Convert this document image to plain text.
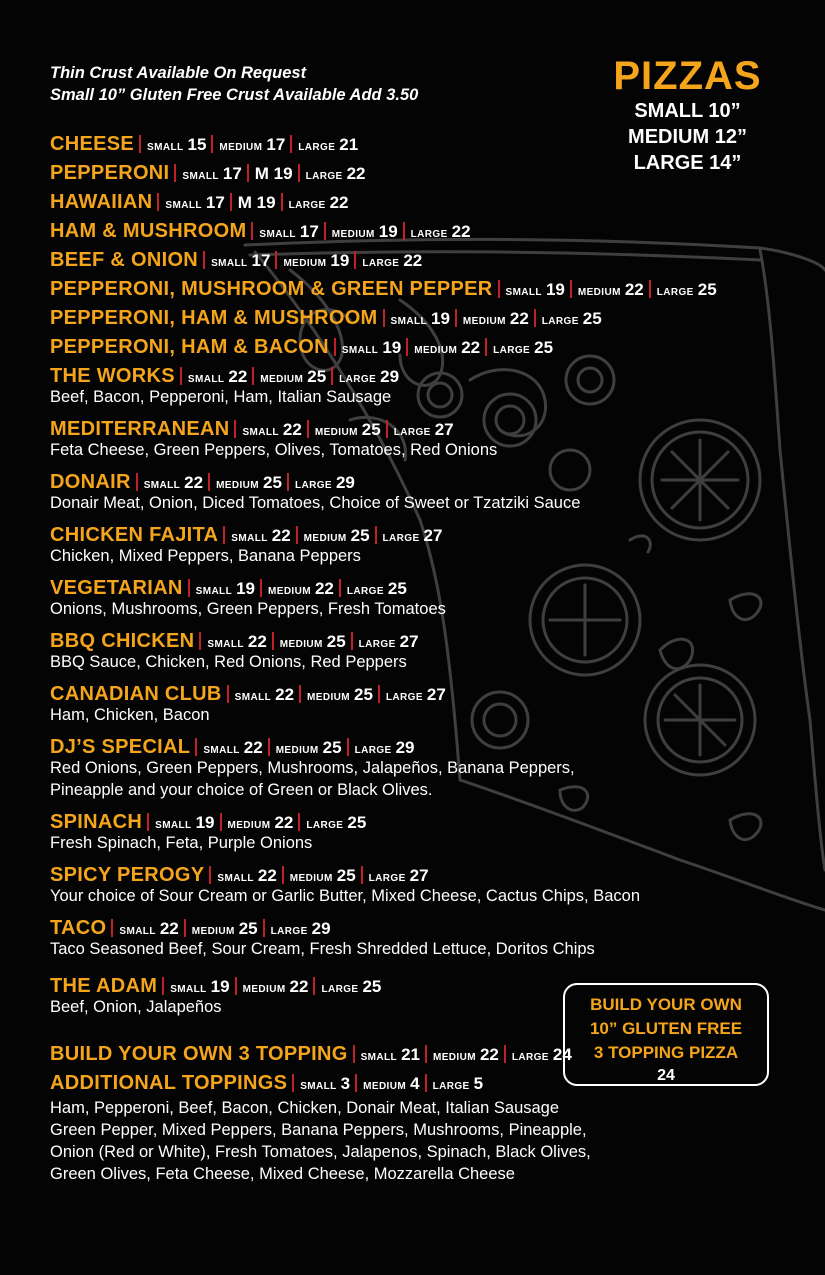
Thin Crust Available On Request
Small 10” Gluten Free Crust Available Add 3.50	PIZZAS
SMALL 10”
MEDIUM 12”
LARGE 14”
CHEESE SMALL 15 MEDIUM 17 LARGE 21
PEPPERONI SMALL 17 M 19 LARGE 22
HAWAIIAN SMALL 17 M 19 LARGE 22
HAM & MUSHROOM SMALL 17 MEDIUM 19 LARGE 22
BEEF & ONION SMALL 17 MEDIUM 19 LARGE 22
PEPPERONI, MUSHROOM & GREEN PEPPER SMALL 19 MEDIUM 22 LARGE 25
PEPPERONI, HAM & MUSHROOM SMALL 19 MEDIUM 22 LARGE 25
PEPPERONI, HAM & BACON SMALL 19 MEDIUM 22 LARGE 25
THE WORKS SMALL 22 MEDIUM 25 LARGE 29
Beef, Bacon, Pepperoni, Ham, Italian Sausage
MEDITERRANEAN SMALL 22 MEDIUM 25 LARGE 27
Feta Cheese, Green Peppers, Olives, Tomatoes, Red Onions
DONAIR SMALL 22 MEDIUM 25 LARGE 29
Donair Meat, Onion, Diced Tomatoes, Choice of Sweet or Tzatziki Sauce
CHICKEN FAJITA SMALL 22 MEDIUM 25 LARGE 27
Chicken, Mixed Peppers, Banana Peppers
VEGETARIAN SMALL 19 MEDIUM 22 LARGE 25
Onions, Mushrooms, Green Peppers, Fresh Tomatoes
BBQ CHICKEN SMALL 22 MEDIUM 25 LARGE 27
BBQ Sauce, Chicken, Red Onions, Red Peppers
CANADIAN CLUB SMALL 22 MEDIUM 25 LARGE 27
Ham, Chicken, Bacon
DJ’S SPECIAL SMALL 22 MEDIUM 25 LARGE 29
Red Onions, Green Peppers, Mushrooms, Jalapeños, Banana Peppers,
Pineapple and your choice of Green or Black Olives.
SPINACH SMALL 19 MEDIUM 22 LARGE 25
Fresh Spinach, Feta, Purple Onions
SPICY PEROGY SMALL 22 MEDIUM 25 LARGE 27
Your choice of Sour Cream or Garlic Butter, Mixed Cheese, Cactus Chips, Bacon
TACO SMALL 22 MEDIUM 25 LARGE 29
Taco Seasoned Beef, Sour Cream, Fresh Shredded Lettuce, Doritos Chips
THE ADAM SMALL 19 MEDIUM 22 LARGE 25
Beef, Onion, Jalapeños
BUILD YOUR OWN 3 TOPPING SMALL 21 MEDIUM 22 LARGE 24
ADDITIONAL TOPPINGS SMALL 3 MEDIUM 4 LARGE 5
BUILD YOUR OWN
10” GLUTEN FREE
3 TOPPING PIZZA
24
Ham, Pepperoni, Beef, Bacon, Chicken, Donair Meat, Italian Sausage
Green Pepper, Mixed Peppers, Banana Peppers, Mushrooms, Pineapple,
Onion (Red or White), Fresh Tomatoes, Jalapenos, Spinach, Black Olives,
Green Olives, Feta Cheese, Mixed Cheese, Mozzarella Cheese
